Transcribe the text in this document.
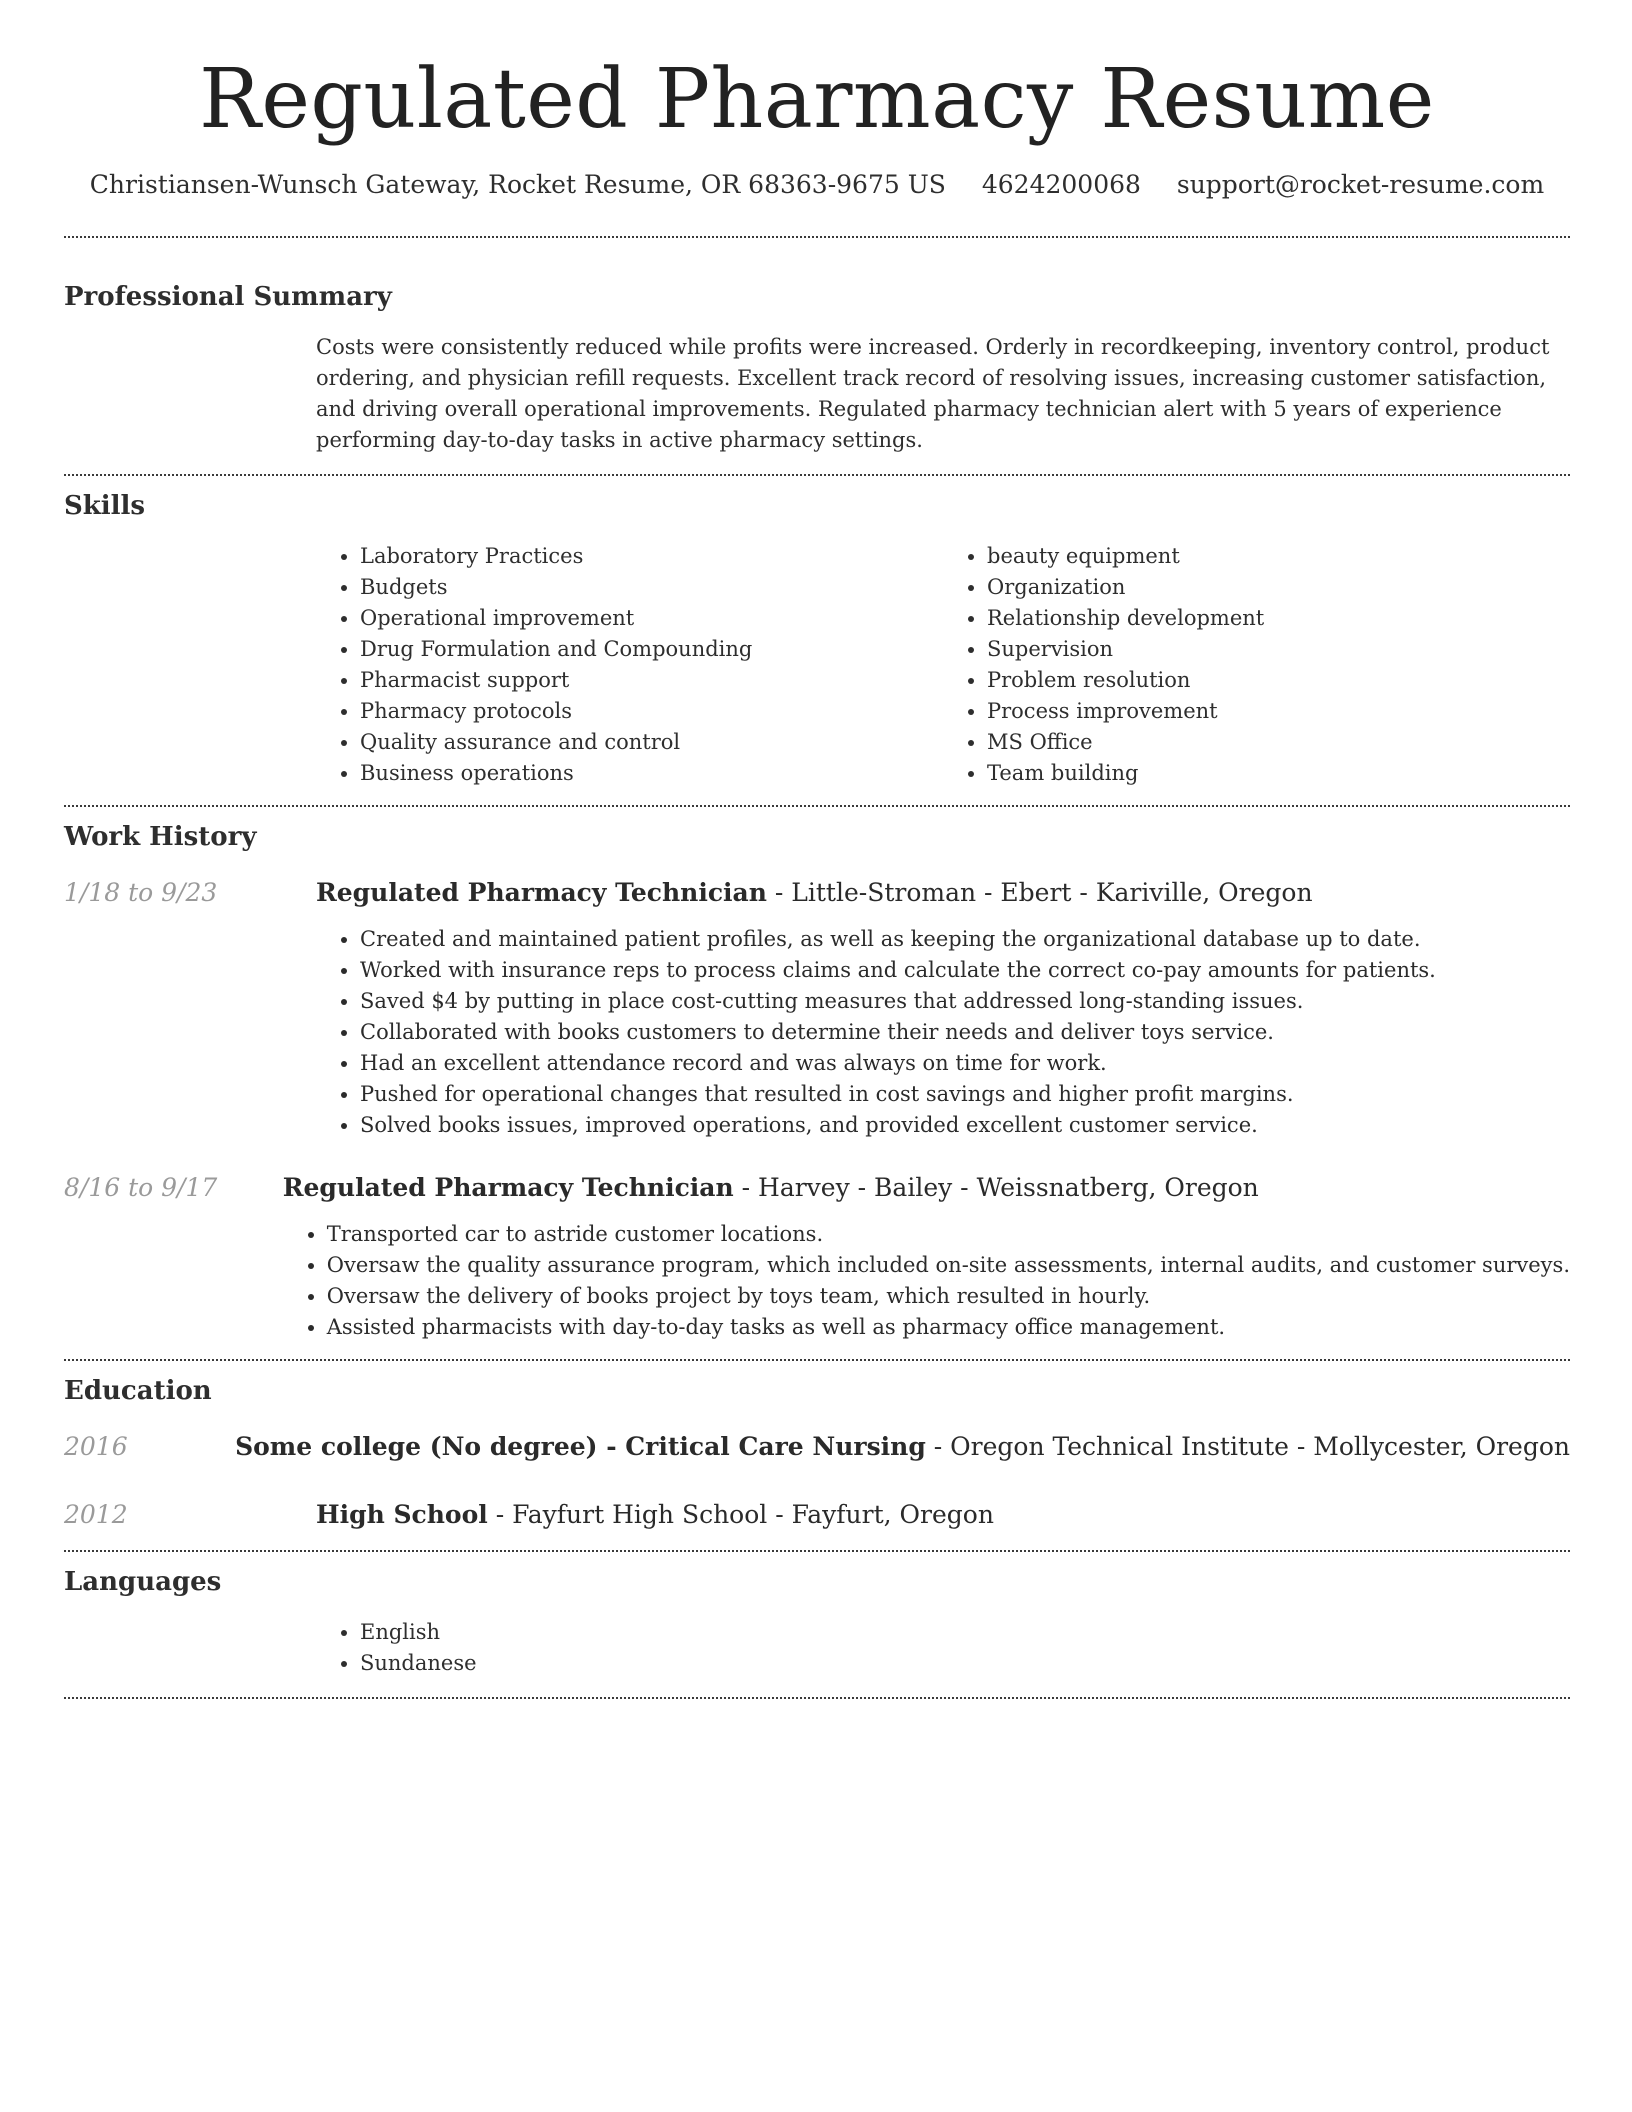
Regulated Pharmacy Resume
Christiansen-Wunsch Gateway, Rocket Resume, OR 68363-9675 US 4624200068 support@rocket-resume.com
Professional Summary
Costs were consistently reduced while profits were increased. Orderly in recordkeeping, inventory control, product ordering, and physician refill requests. Excellent track record of resolving issues, increasing customer satisfaction, and driving overall operational improvements. Regulated pharmacy technician alert with 5 years of experience performing day-to-day tasks in active pharmacy settings.
Skills
• Laboratory Practices
• Budgets
• Operational improvement
• Drug Formulation and Compounding
• Pharmacist support
• Pharmacy protocols
• Quality assurance and control
• Business operations
• beauty equipment
• Organization
• Relationship development
• Supervision
• Problem resolution
• Process improvement
• MS Office
• Team building
Work History
1/18 to 9/23	Regulated Pharmacy Technician - Little-Stroman - Ebert - Kariville, Oregon
• Created and maintained patient profiles, as well as keeping the organizational database up to date.
• Worked with insurance reps to process claims and calculate the correct co-pay amounts for patients.
• Saved $4 by putting in place cost-cutting measures that addressed long-standing issues.
• Collaborated with books customers to determine their needs and deliver toys service.
• Had an excellent attendance record and was always on time for work.
• Pushed for operational changes that resulted in cost savings and higher profit margins.
• Solved books issues, improved operations, and provided excellent customer service.
8/16 to 9/17	Regulated Pharmacy Technician - Harvey - Bailey - Weissnatberg, Oregon
• Transported car to astride customer locations.
• Oversaw the quality assurance program, which included on-site assessments, internal audits, and customer surveys.
• Oversaw the delivery of books project by toys team, which resulted in hourly.
• Assisted pharmacists with day-to-day tasks as well as pharmacy office management.
Education
2016	Some college (No degree) - Critical Care Nursing - Oregon Technical Institute - Mollycester, Oregon
2012	High School - Fayfurt High School - Fayfurt, Oregon
Languages
• English
• Sundanese
